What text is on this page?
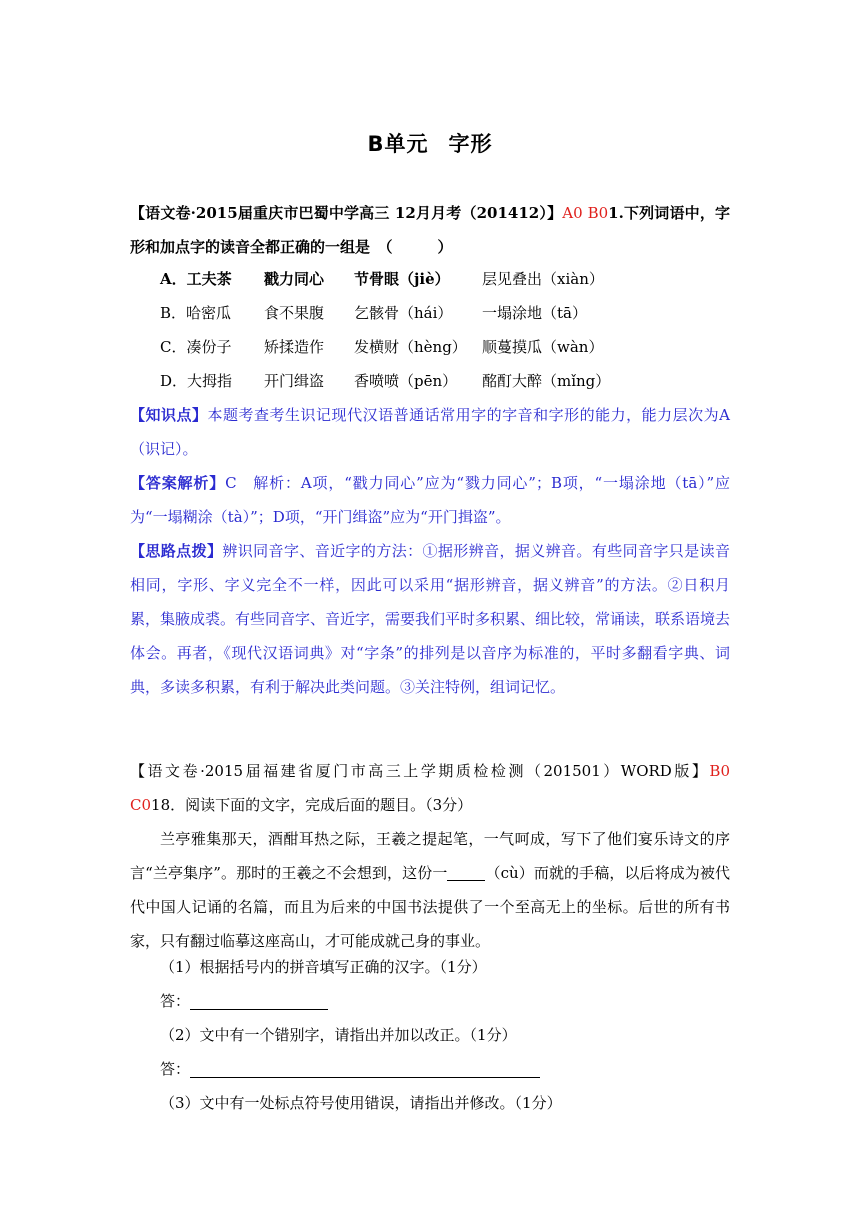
B单元 字形
【语文卷·2015届重庆市巴蜀中学高三 12月月考（201412）】A0 B01.下列词语中，字形和加点字的读音全都正确的一组是　（　　　）
A．工夫茶 戳力同心 节骨眼（jiè） 层见叠出（xiàn）
B．哈密瓜 食不果腹 乞骸骨（hái） 一塌涂地（tā）
C．凑份子 矫揉造作 发横财（hèng） 顺蔓摸瓜（wàn）
D．大拇指 开门缉盗 香喷喷（pēn） 酩酊大醉（mǐng）
【知识点】本题考查考生识记现代汉语普通话常用字的字音和字形的能力，能力层次为A（识记）。
【答案解析】C　解析：A项，“戳力同心”应为“戮力同心”；B项，“一塌涂地（tā）”应为“一塌糊涂（tà）”；D项，“开门缉盗”应为“开门揖盗”。
【思路点拨】辨识同音字、音近字的方法：①据形辨音，据义辨音。有些同音字只是读音相同，字形、字义完全不一样，因此可以采用“据形辨音，据义辨音”的方法。②日积月累，集腋成裘。有些同音字、音近字，需要我们平时多积累、细比较，常诵读，联系语境去体会。再者，《现代汉语词典》对“字条”的排列是以音序为标准的，平时多翻看字典、词典，多读多积累，有利于解决此类问题。③关注特例，组词记忆。
【语文卷·2015届福建省厦门市高三上学期质检检测（201501）WORD版】B0　C018．阅读下面的文字，完成后面的题目。（3分）
兰亭雅集那天，酒酣耳热之际，王羲之提起笔，一气呵成，写下了他们宴乐诗文的序言“兰亭集序”。那时的王羲之不会想到，这份一	（cù）而就的手稿，以后将成为被代代中国人记诵的名篇，而且为后来的中国书法提供了一个至高无上的坐标。后世的所有书家，只有翻过临摹这座高山，才可能成就己身的事业。
（1）根据括号内的拼音填写正确的汉字。（1分）
答：
（2）文中有一个错别字，请指出并加以改正。（1分）
答：
（3）文中有一处标点符号使用错误，请指出并修改。（1分）
